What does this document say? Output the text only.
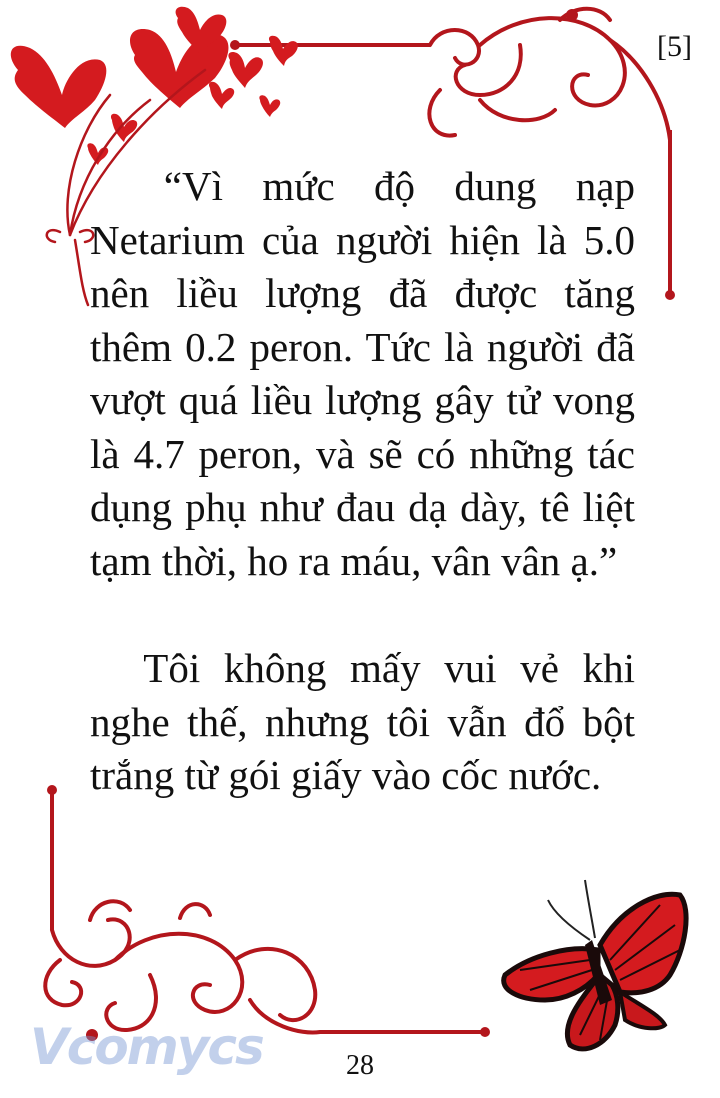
[5]

“Vì mức độ dung nạp Netarium của người hiện là 5.0 nên liều lượng đã được tăng thêm 0.2 peron. Tức là người đã vượt quá liều lượng gây tử vong là 4.7 peron, và sẽ có những tác dụng phụ như đau dạ dày, tê liệt tạm thời, ho ra máu, vân vân ạ.”

Tôi không mấy vui vẻ khi nghe thế, nhưng tôi vẫn đổ bột trắng từ gói giấy vào cốc nước.

Vcomycs	28
